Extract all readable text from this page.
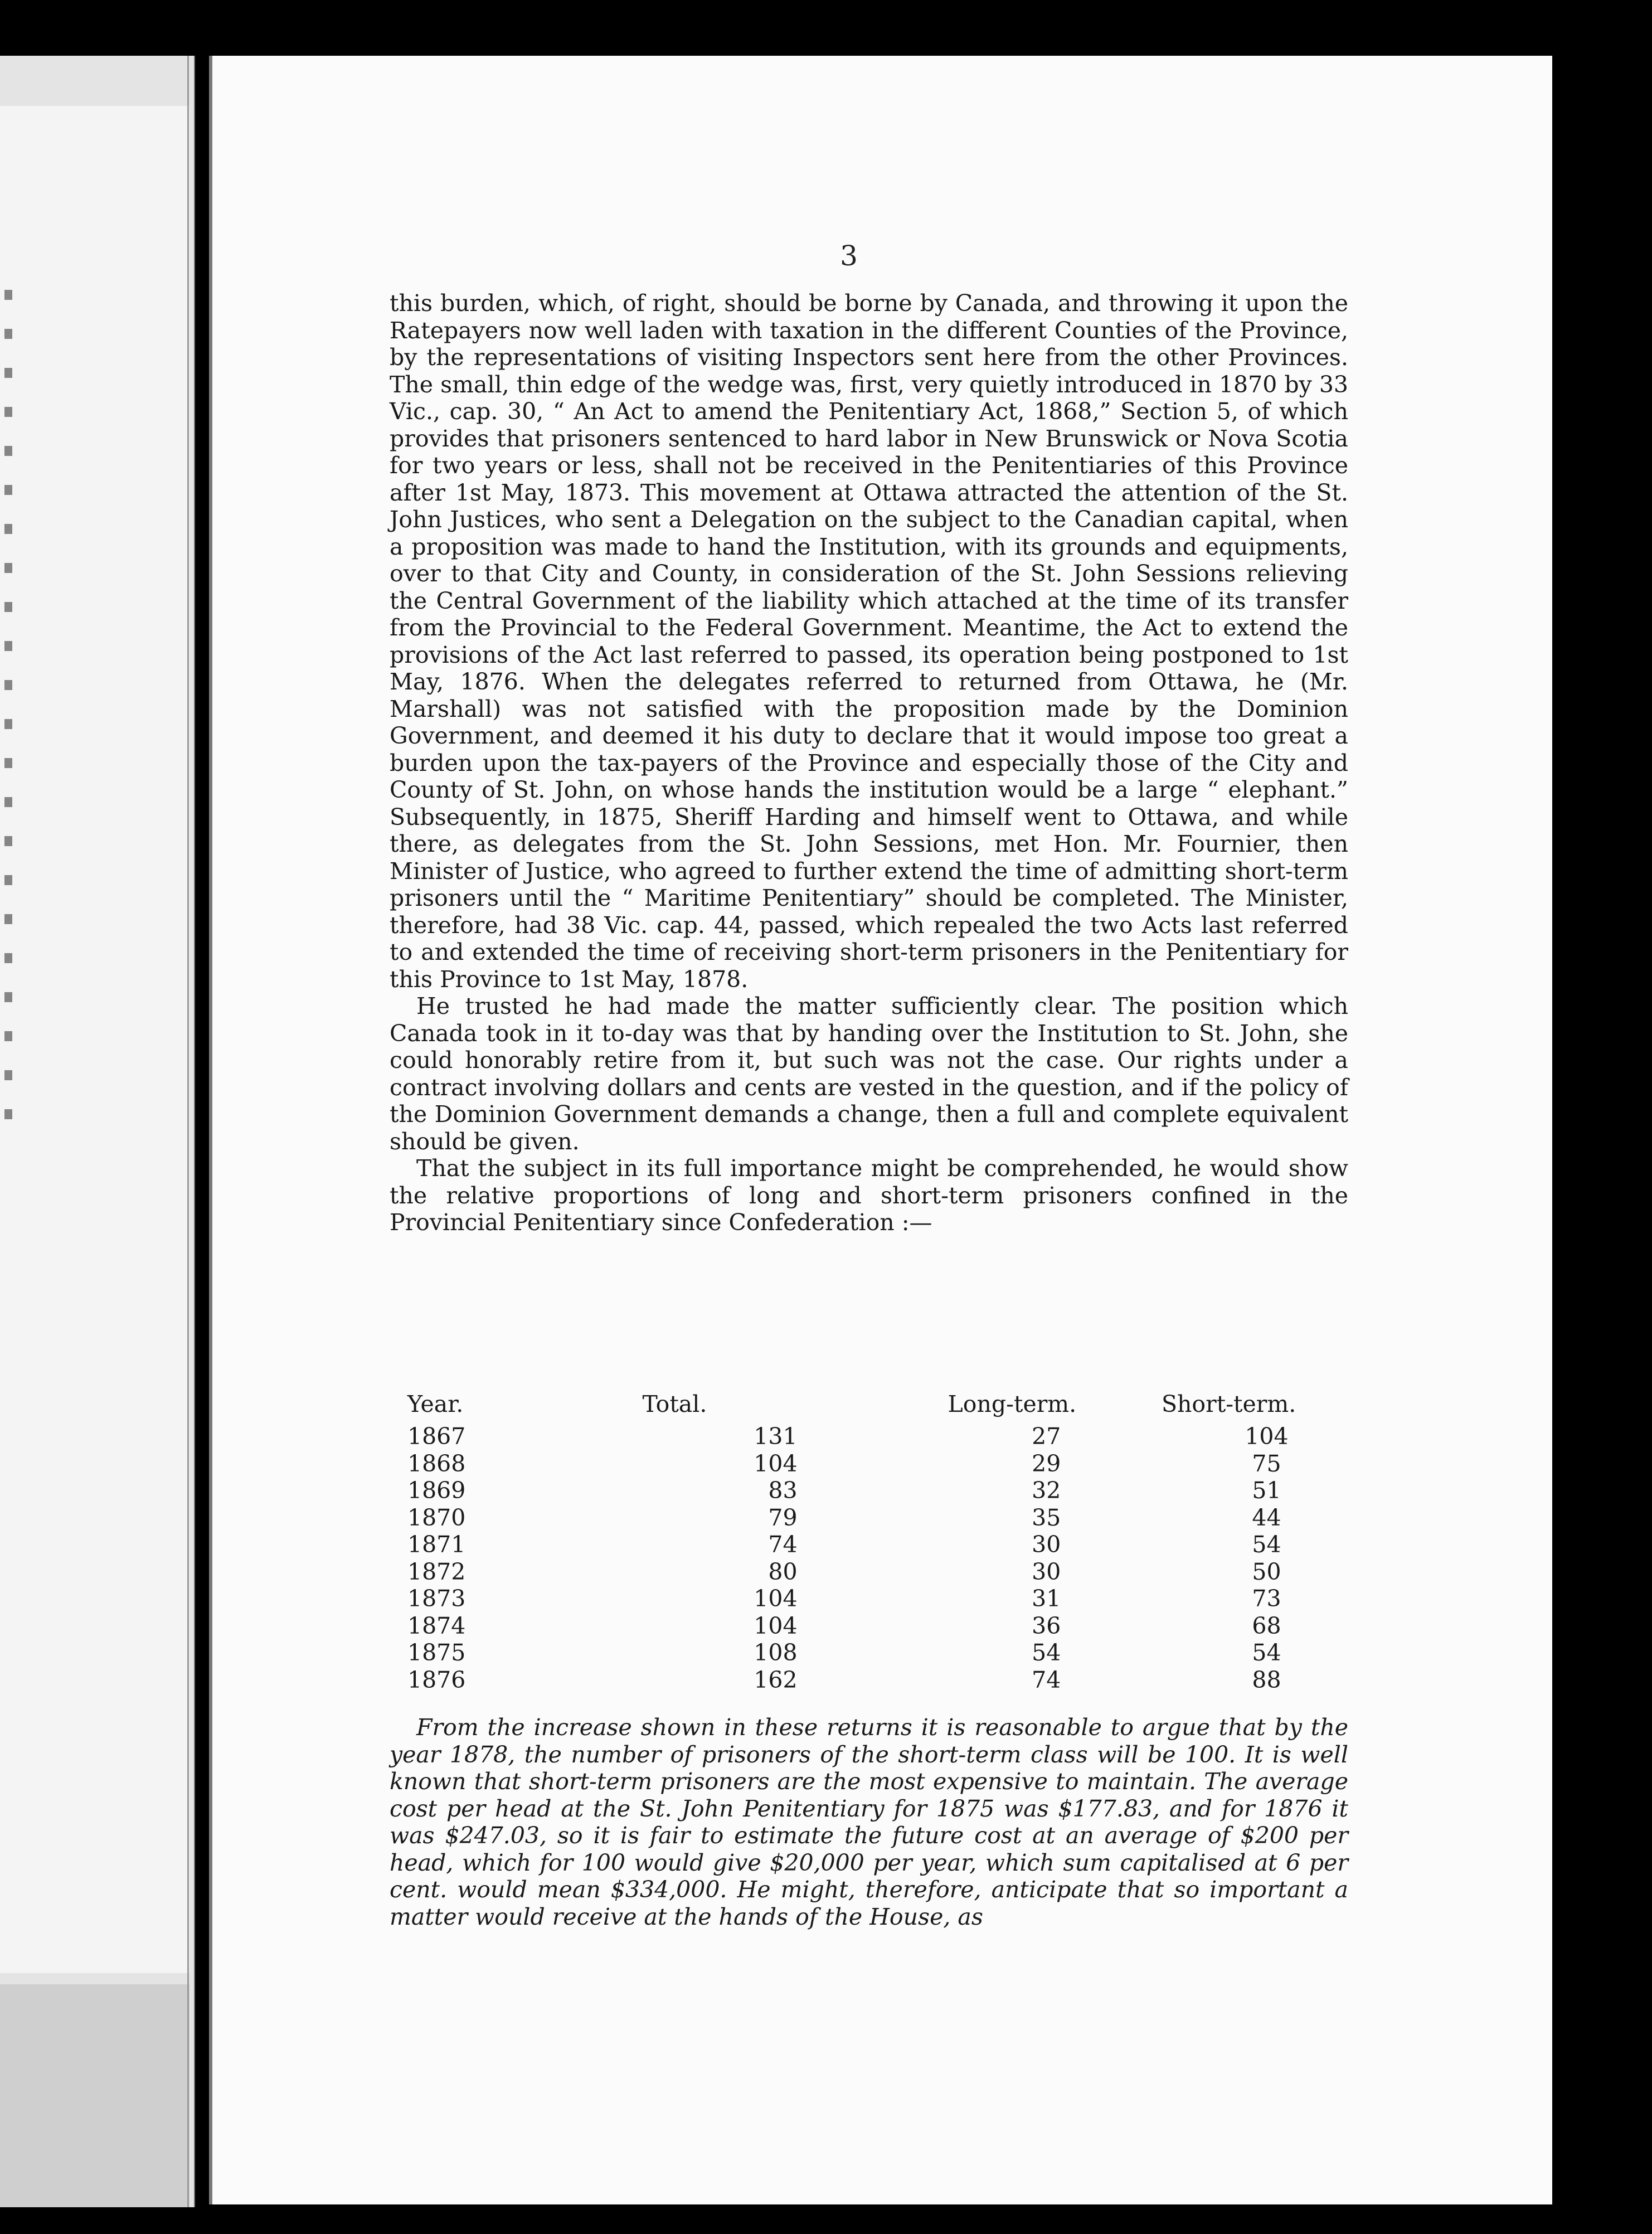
3

this burden, which, of right, should be borne by Canada, and throwing it upon the Ratepayers now well laden with taxation in the different Counties of the Province, by the representations of visiting Inspectors sent here from the other Provinces. The small, thin edge of the wedge was, first, very quietly introduced in 1870 by 33 Vic., cap. 30, “ An Act to amend the Penitentiary Act, 1868,” Section 5, of which provides that prisoners sentenced to hard labor in New Brunswick or Nova Scotia for two years or less, shall not be received in the Penitentiaries of this Province after 1st May, 1873. This movement at Ottawa attracted the attention of the St. John Justices, who sent a Delegation on the subject to the Canadian capital, when a proposition was made to hand the Institution, with its grounds and equipments, over to that City and County, in consideration of the St. John Sessions relieving the Central Government of the liability which attached at the time of its transfer from the Provincial to the Federal Government. Meantime, the Act to extend the provisions of the Act last referred to passed, its operation being postponed to 1st May, 1876. When the delegates referred to returned from Ottawa, he (Mr. Marshall) was not satisfied with the proposition made by the Dominion Government, and deemed it his duty to declare that it would impose too great a burden upon the tax-payers of the Province and especially those of the City and County of St. John, on whose hands the institution would be a large “ elephant.” Subsequently, in 1875, Sheriff Harding and himself went to Ottawa, and while there, as delegates from the St. John Sessions, met Hon. Mr. Fournier, then Minister of Justice, who agreed to further extend the time of admitting short-term prisoners until the “ Maritime Penitentiary” should be completed. The Minister, therefore, had 38 Vic. cap. 44, passed, which repealed the two Acts last referred to and extended the time of receiving short-term prisoners in the Penitentiary for this Province to 1st May, 1878.

He trusted he had made the matter sufficiently clear. The position which Canada took in it to-day was that by handing over the Institution to St. John, she could honorably retire from it, but such was not the case. Our rights under a contract involving dollars and cents are vested in the question, and if the policy of the Dominion Government demands a change, then a full and complete equivalent should be given.

That the subject in its full importance might be comprehended, he would show the relative proportions of long and short-term prisoners confined in the Provincial Penitentiary since Confederation :—

Year.	Total.	Long-term.	Short-term.
1867	131	27	104
1868	104	29	75
1869	83	32	51
1870	79	35	44
1871	74	30	54
1872	80	30	50
1873	104	31	73
1874	104	36	68
1875	108	54	54
1876	162	74	88

From the increase shown in these returns it is reasonable to argue that by the year 1878, the number of prisoners of the short-term class will be 100. It is well known that short-term prisoners are the most expensive to maintain. The average cost per head at the St. John Penitentiary for 1875 was $177.83, and for 1876 it was $247.03, so it is fair to estimate the future cost at an average of $200 per head, which for 100 would give $20,000 per year, which sum capitalised at 6 per cent. would mean $334,000. He might, therefore, anticipate that so important a matter would receive at the hands of the House, as
